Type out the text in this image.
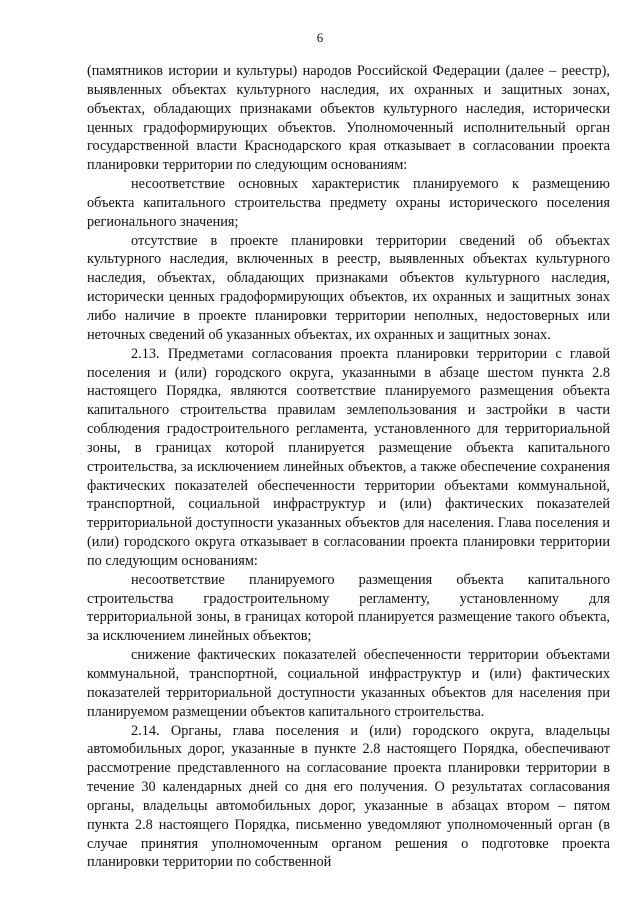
6

(памятников истории и культуры) народов Российской Федерации (далее – реестр), выявленных объектах культурного наследия, их охранных и защитных зонах, объектах, обладающих признаками объектов культурного наследия, исторически ценных градоформирующих объектов. Уполномоченный исполнительный орган государственной власти Краснодарского края отказывает в согласовании проекта планировки территории по следующим основаниям:

несоответствие основных характеристик планируемого к размещению объекта капитального строительства предмету охраны исторического поселения регионального значения;

отсутствие в проекте планировки территории сведений об объектах культурного наследия, включенных в реестр, выявленных объектах культурного наследия, объектах, обладающих признаками объектов культурного наследия, исторически ценных градоформирующих объектов, их охранных и защитных зонах либо наличие в проекте планировки территории неполных, недостоверных или неточных сведений об указанных объектах, их охранных и защитных зонах.

2.13. Предметами согласования проекта планировки территории с главой поселения и (или) городского округа, указанными в абзаце шестом пункта 2.8 настоящего Порядка, являются соответствие планируемого размещения объекта капитального строительства правилам землепользования и застройки в части соблюдения градостроительного регламента, установленного для территориальной зоны, в границах которой планируется размещение объекта капитального строительства, за исключением линейных объектов, а также обеспечение сохранения фактических показателей обеспеченности территории объектами коммунальной, транспортной, социальной инфраструктур и (или) фактических показателей территориальной доступности указанных объектов для населения. Глава поселения и (или) городского округа отказывает в согласовании проекта планировки территории по следующим основаниям:

несоответствие планируемого размещения объекта капитального строительства градостроительному регламенту, установленному для территориальной зоны, в границах которой планируется размещение такого объекта, за исключением линейных объектов;

снижение фактических показателей обеспеченности территории объектами коммунальной, транспортной, социальной инфраструктур и (или) фактических показателей территориальной доступности указанных объектов для населения при планируемом размещении объектов капитального строительства.

2.14. Органы, глава поселения и (или) городского округа, владельцы автомобильных дорог, указанные в пункте 2.8 настоящего Порядка, обеспечивают рассмотрение представленного на согласование проекта планировки территории в течение 30 календарных дней со дня его получения. О результатах согласования органы, владельцы автомобильных дорог, указанные в абзацах втором – пятом пункта 2.8 настоящего Порядка, письменно уведомляют уполномоченный орган (в случае принятия уполномоченным органом решения о подготовке проекта планировки территории по собственной
